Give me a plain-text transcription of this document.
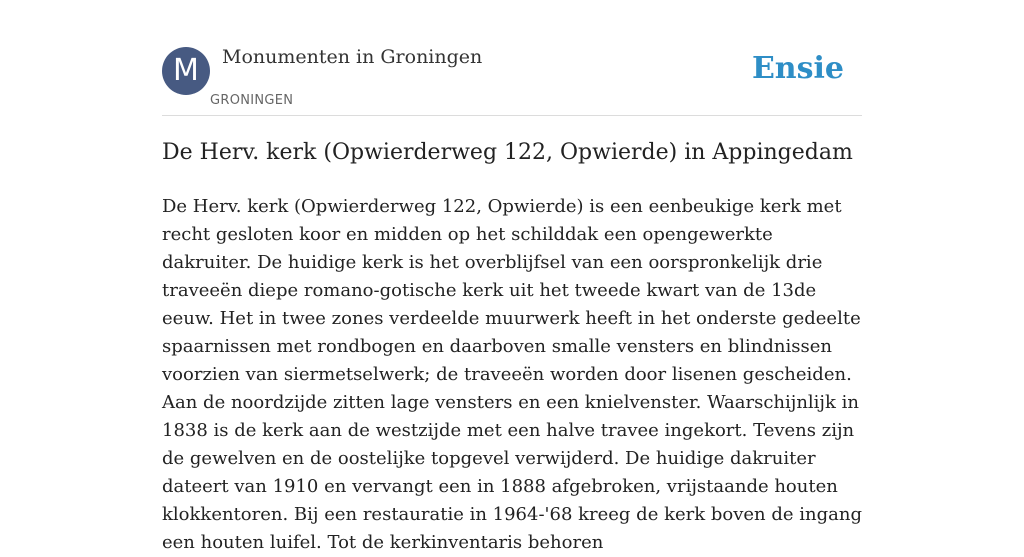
M	Monumenten in Groningen
GRONINGEN
Ensie
De Herv. kerk (Opwierderweg 122, Opwierde) in Appingedam

De Herv. kerk (Opwierderweg 122, Opwierde) is een eenbeukige kerk met recht gesloten koor en midden op het schilddak een opengewerkte dakruiter. De huidige kerk is het overblijfsel van een oorspronkelijk drie traveeën diepe romano-gotische kerk uit het tweede kwart van de 13de eeuw. Het in twee zones verdeelde muurwerk heeft in het onderste gedeelte spaarnissen met rondbogen en daarboven smalle vensters en blindnissen voorzien van siermetselwerk; de traveeën worden door lisenen gescheiden. Aan de noordzijde zitten lage vensters en een knielvenster. Waarschijnlijk in 1838 is de kerk aan de westzijde met een halve travee ingekort. Tevens zijn de gewelven en de oostelijke topgevel verwijderd. De huidige dakruiter dateert van 1910 en vervangt een in 1888 afgebroken, vrijstaande houten klokkentoren. Bij een restauratie in 1964-'68 kreeg de kerk boven de ingang een houten luifel. Tot de kerkinventaris behoren
